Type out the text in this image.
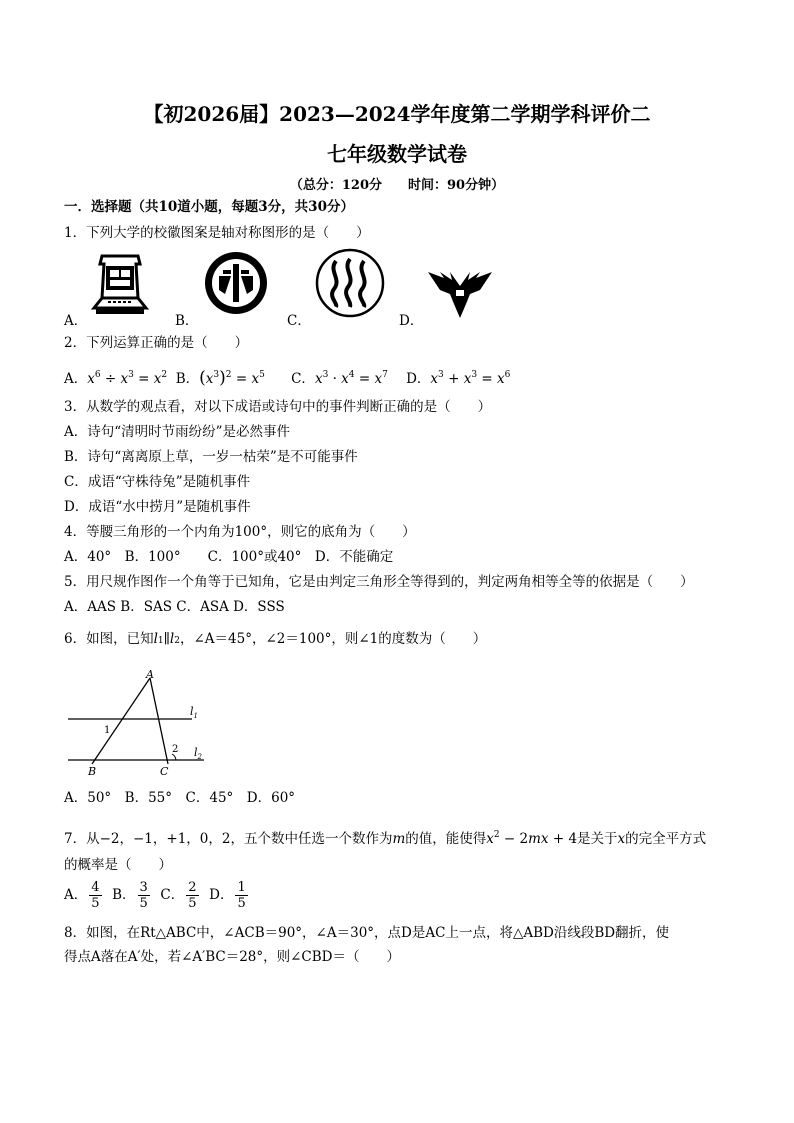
【初2026届】2023—2024学年度第二学期学科评价二
七年级数学试卷
（总分：120分　　时间：90分钟）
一．选择题（共10道小题，每题3分，共30分）
1．下列大学的校徽图案是轴对称图形的是（　　）
A．	B．	C．	D．
2．下列运算正确的是（　　）
A．$x^6 \div x^3 = x^2$ B．$(x^3)^2 = x^5$ C．$x^3 \cdot x^4 = x^7$ D．$x^3 + x^3 = x^6$
3．从数学的观点看，对以下成语或诗句中的事件判断正确的是（　　）
A．诗句“清明时节雨纷纷”是必然事件
B．诗句“离离原上草，一岁一枯荣”是不可能事件
C．成语“守株待兔”是随机事件
D．成语“水中捞月”是随机事件
4．等腰三角形的一个内角为100°，则它的底角为（　　）
A．40°　B．100°　　C．100°或40°　D．不能确定
5．用尺规作图作一个角等于已知角，它是由判定三角形全等得到的，判定两角相等全等的依据是（　　）
A．AAS B．SAS C．ASA D．SSS
6．如图，已知l1∥l2，∠A＝45°，∠2＝100°，则∠1的度数为（　　）
A
B	C
$l_1$
$l_2$
1
2
A．50°　B．55°　C．45°　D．60°
7．从−2，−1，+1，0，2，五个数中任选一个数作为m的值，能使得$x^2 - 2mx + 4$是关于x的完全平方式
的概率是（　　）
A． $\frac{4}{5}$ B． $\frac{3}{5}$ C． $\frac{2}{5}$ D． $\frac{1}{5}$
8．如图，在Rt△ABC中，∠ACB＝90°，∠A＝30°，点D是AC上一点，将△ABD沿线段BD翻折，使
得点A落在A′处，若∠A′BC＝28°，则∠CBD＝（　　）
